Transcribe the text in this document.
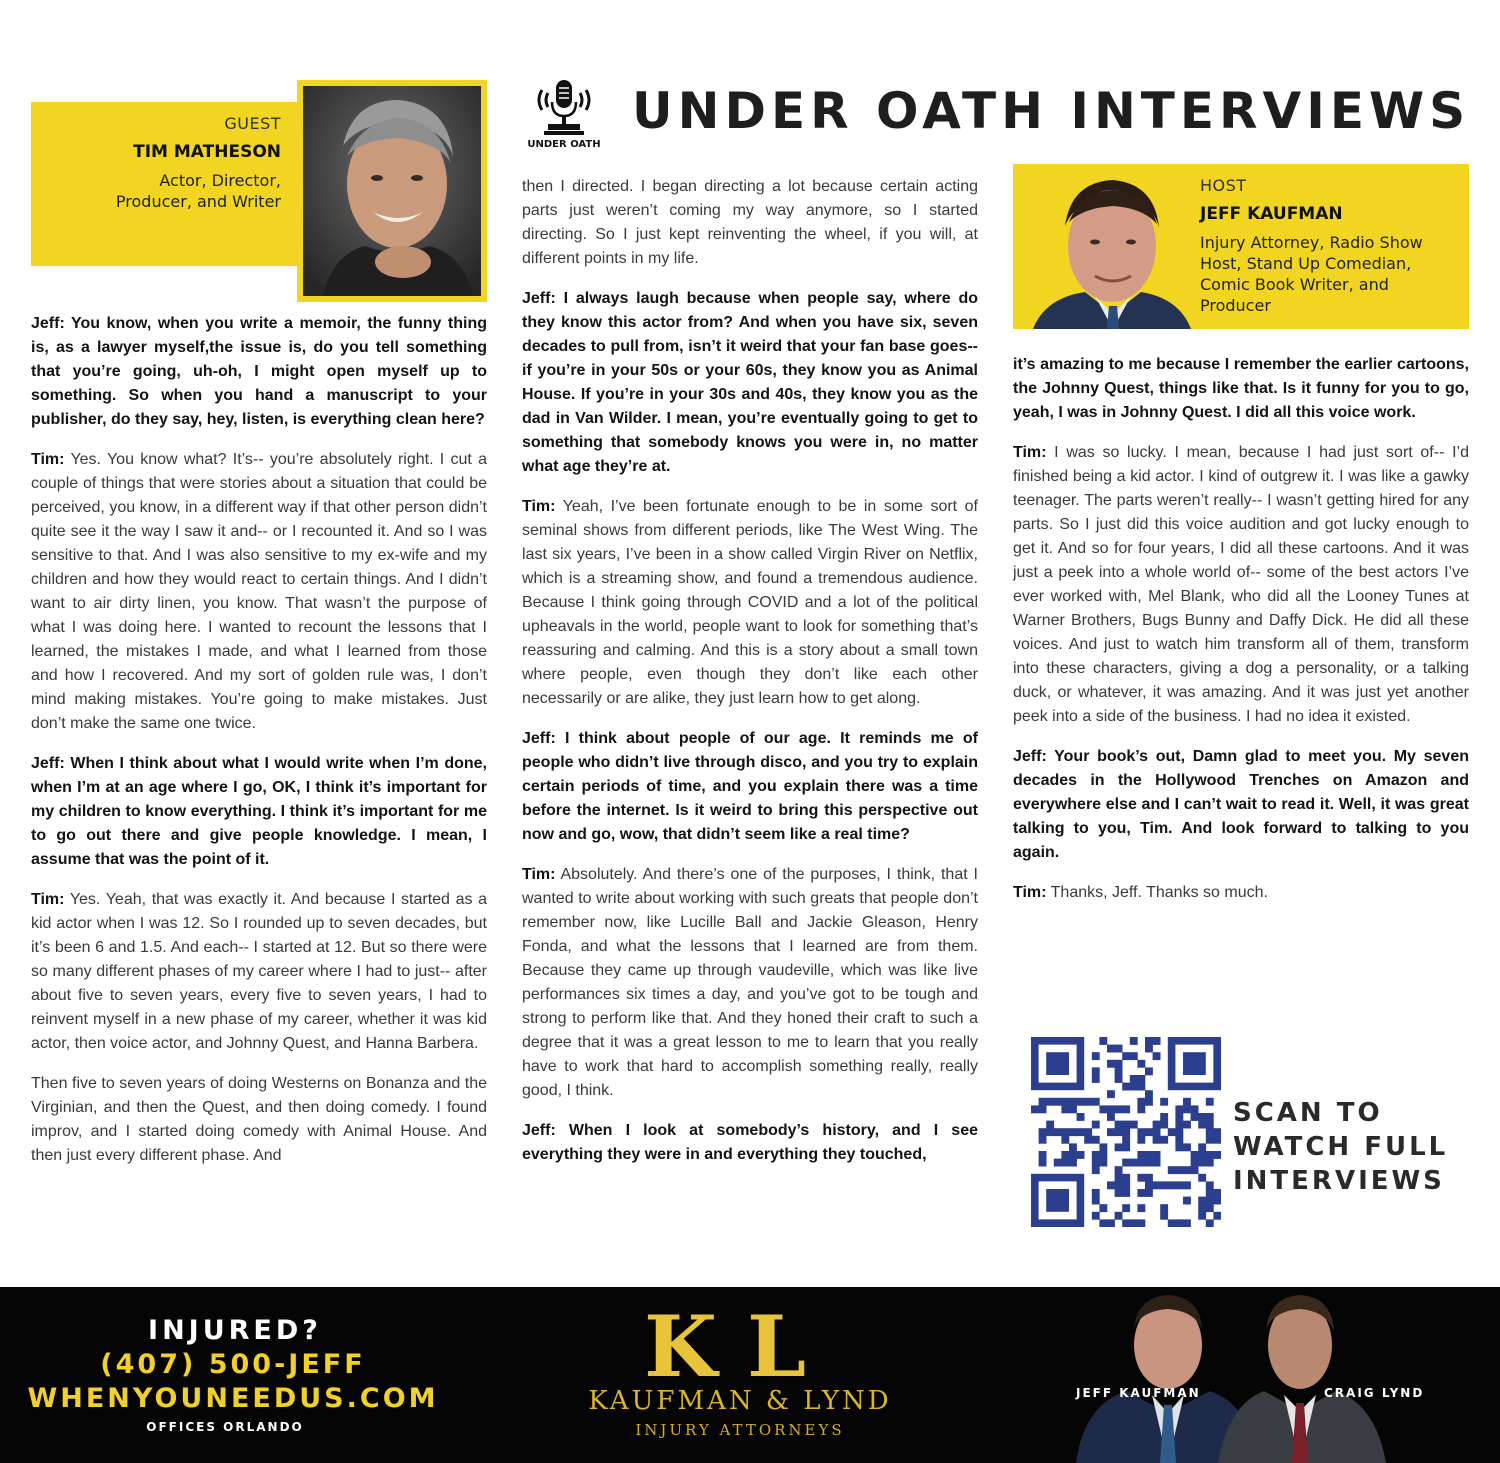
UNDER OATH
UNDER OATH INTERVIEWS
GUEST
TIM MATHESON
Actor, Director,
Producer, and Writer
HOST
JEFF KAUFMAN
Injury Attorney, Radio Show
Host, Stand Up Comedian,
Comic Book Writer, and
Producer

Jeff: You know, when you write a memoir, the funny thing is, as a lawyer myself,the issue is, do you tell something that you’re going, uh-oh, I might open myself up to something. So when you hand a manuscript to your publisher, do they say, hey, listen, is everything clean here?

Tim: Yes. You know what? It’s-- you’re absolutely right. I cut a couple of things that were stories about a situation that could be perceived, you know, in a different way if that other person didn’t quite see it the way I saw it and-- or I recounted it. And so I was sensitive to that. And I was also sensitive to my ex-wife and my children and how they would react to certain things. And I didn’t want to air dirty linen, you know. That wasn’t the purpose of what I was doing here. I wanted to recount the lessons that I learned, the mistakes I made, and what I learned from those and how I recovered. And my sort of golden rule was, I don’t mind making mistakes. You’re going to make mistakes. Just don’t make the same one twice.

Jeff: When I think about what I would write when I’m done, when I’m at an age where I go, OK, I think it’s important for my children to know everything. I think it’s important for me to go out there and give people knowledge. I mean, I assume that was the point of it.

Tim: Yes. Yeah, that was exactly it. And because I started as a kid actor when I was 12. So I rounded up to seven decades, but it’s been 6 and 1.5. And each-- I started at 12. But so there were so many different phases of my career where I had to just-- after about five to seven years, every five to seven years, I had to reinvent myself in a new phase of my career, whether it was kid actor, then voice actor, and Johnny Quest, and Hanna Barbera.

Then five to seven years of doing Westerns on Bonanza and the Virginian, and then the Quest, and then doing comedy. I found improv, and I started doing comedy with Animal House. And then just every different phase. And

then I directed. I began directing a lot because certain acting parts just weren’t coming my way anymore, so I started directing. So I just kept reinventing the wheel, if you will, at different points in my life.

Jeff: I always laugh because when people say, where do they know this actor from? And when you have six, seven decades to pull from, isn’t it weird that your fan base goes--if you’re in your 50s or your 60s, they know you as Animal House. If you’re in your 30s and 40s, they know you as the dad in Van Wilder. I mean, you’re eventually going to get to something that somebody knows you were in, no matter what age they’re at.

Tim: Yeah, I’ve been fortunate enough to be in some sort of seminal shows from different periods, like The West Wing. The last six years, I’ve been in a show called Virgin River on Netflix, which is a streaming show, and found a tremendous audience. Because I think going through COVID and a lot of the political upheavals in the world, people want to look for something that’s reassuring and calming. And this is a story about a small town where people, even though they don’t like each other necessarily or are alike, they just learn how to get along.

Jeff: I think about people of our age. It reminds me of people who didn’t live through disco, and you try to explain certain periods of time, and you explain there was a time before the internet. Is it weird to bring this perspective out now and go, wow, that didn’t seem like a real time?

Tim: Absolutely. And there’s one of the purposes, I think, that I wanted to write about working with such greats that people don’t remember now, like Lucille Ball and Jackie Gleason, Henry Fonda, and what the lessons that I learned are from them. Because they came up through vaudeville, which was like live performances six times a day, and you’ve got to be tough and strong to perform like that. And they honed their craft to such a degree that it was a great lesson to me to learn that you really have to work that hard to accomplish something really, really good, I think.

Jeff: When I look at somebody’s history, and I see everything they were in and everything they touched,

it’s amazing to me because I remember the earlier cartoons, the Johnny Quest, things like that. Is it funny for you to go, yeah, I was in Johnny Quest. I did all this voice work.

Tim: I was so lucky. I mean, because I had just sort of-- I’d finished being a kid actor. I kind of outgrew it. I was like a gawky teenager. The parts weren’t really-- I wasn’t getting hired for any parts. So I just did this voice audition and got lucky enough to get it. And so for four years, I did all these cartoons. And it was just a peek into a whole world of-- some of the best actors I’ve ever worked with, Mel Blank, who did all the Looney Tunes at Warner Brothers, Bugs Bunny and Daffy Dick. He did all these voices. And just to watch him transform all of them, transform into these characters, giving a dog a personality, or a talking duck, or whatever, it was amazing. And it was just yet another peek into a side of the business. I had no idea it existed.

Jeff: Your book’s out, Damn glad to meet you. My seven decades in the Hollywood Trenches on Amazon and everywhere else and I can’t wait to read it. Well, it was great talking to you, Tim. And look forward to talking to you again.

Tim: Thanks, Jeff. Thanks so much.

SCAN TO
WATCH FULL
INTERVIEWS
INJURED?
(407) 500-JEFF
WHENYOUNEEDUS.COM
OFFICES ORLANDO
KL
KAUFMAN & LYND
INJURY ATTORNEYS
JEFF KAUFMAN	CRAIG LYND
